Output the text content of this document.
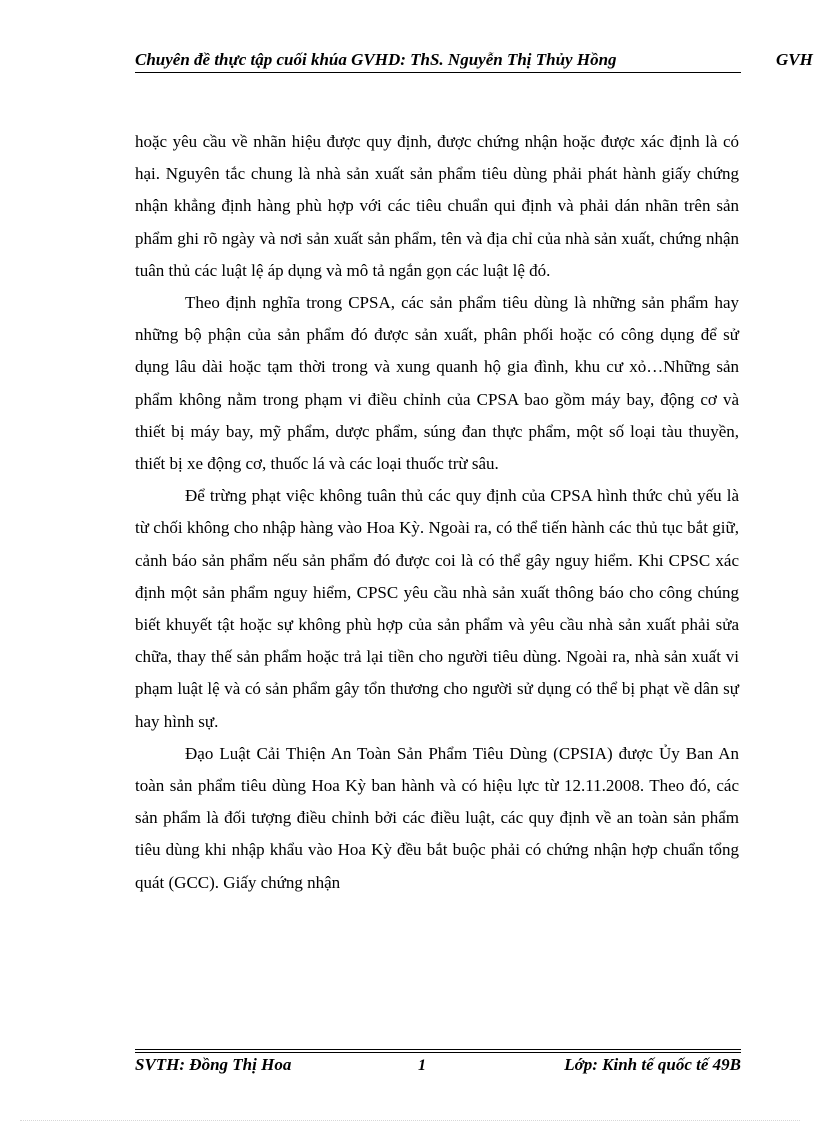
Chuyên đề thực tập cuối khúa GVHD: ThS. Nguyễn Thị Thủy Hồng	GVH

hoặc yêu cầu về nhãn hiệu được quy định, được chứng nhận hoặc được xác định là có hại. Nguyên tắc chung là nhà sản xuất sản phẩm tiêu dùng phải phát hành giấy chứng nhận khẳng định hàng phù hợp với các tiêu chuẩn qui định và phải dán nhãn trên sản phẩm ghi rõ ngày và nơi sản xuất sản phẩm, tên và địa chỉ của nhà sản xuất, chứng nhận tuân thủ các luật lệ áp dụng và mô tả ngắn gọn các luật lệ đó.

Theo định nghĩa trong CPSA, các sản phẩm tiêu dùng là những sản phẩm hay những bộ phận của sản phẩm đó được sản xuất, phân phối hoặc có công dụng để sử dụng lâu dài hoặc tạm thời trong và xung quanh hộ gia đình, khu cư xỏ…Những sản phẩm không nằm trong phạm vi điều chỉnh của CPSA bao gồm máy bay, động cơ và thiết bị máy bay, mỹ phẩm, dược phẩm, súng đan thực phẩm, một số loại tàu thuyền, thiết bị xe động cơ, thuốc lá và các loại thuốc trừ sâu.

Để trừng phạt việc không tuân thủ các quy định của CPSA hình thức chủ yếu là từ chối không cho nhập hàng vào Hoa Kỳ. Ngoài ra, có thể tiến hành các thủ tục bắt giữ, cảnh báo sản phẩm nếu sản phẩm đó được coi là có thể gây nguy hiểm. Khi CPSC xác định một sản phẩm nguy hiểm, CPSC yêu cầu nhà sản xuất thông báo cho công chúng biết khuyết tật hoặc sự không phù hợp của sản phẩm và yêu cầu nhà sản xuất phải sửa chữa, thay thế sản phẩm hoặc trả lại tiền cho người tiêu dùng. Ngoài ra, nhà sản xuất vi phạm luật lệ và có sản phẩm gây tổn thương cho người sử dụng có thể bị phạt về dân sự hay hình sự.

Đạo Luật Cải Thiện An Toàn Sản Phẩm Tiêu Dùng (CPSIA) được Ủy Ban An toàn sản phẩm tiêu dùng Hoa Kỳ ban hành và có hiệu lực từ 12.11.2008. Theo đó, các sản phẩm là đối tượng điều chỉnh bởi các điều luật, các quy định về an toàn sản phẩm tiêu dùng khi nhập khẩu vào Hoa Kỳ đều bắt buộc phải có chứng nhận hợp chuẩn tổng quát (GCC). Giấy chứng nhận

SVTH: Đồng Thị Hoa	1	Lớp: Kinh tế quốc tế 49B
